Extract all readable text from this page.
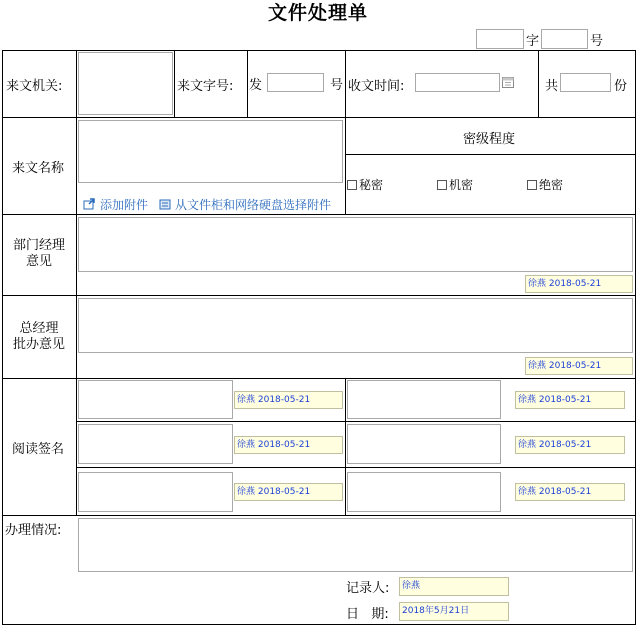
文件处理单
字	号
来文机关:	来文字号: 发	号 收文时间:	共	份
来文名称
添加附件 从文件柜和网络硬盘选择附件
密级程度
秘密	机密	绝密
部门经理
意见
徐燕 2018-05-21
总经理
批办意见
徐燕 2018-05-21
阅读签名
徐燕 2018-05-21	徐燕 2018-05-21
徐燕 2018-05-21	徐燕 2018-05-21
徐燕 2018-05-21	徐燕 2018-05-21
办理情况:
记录人:	徐燕
日   期:	2018年5月21日
